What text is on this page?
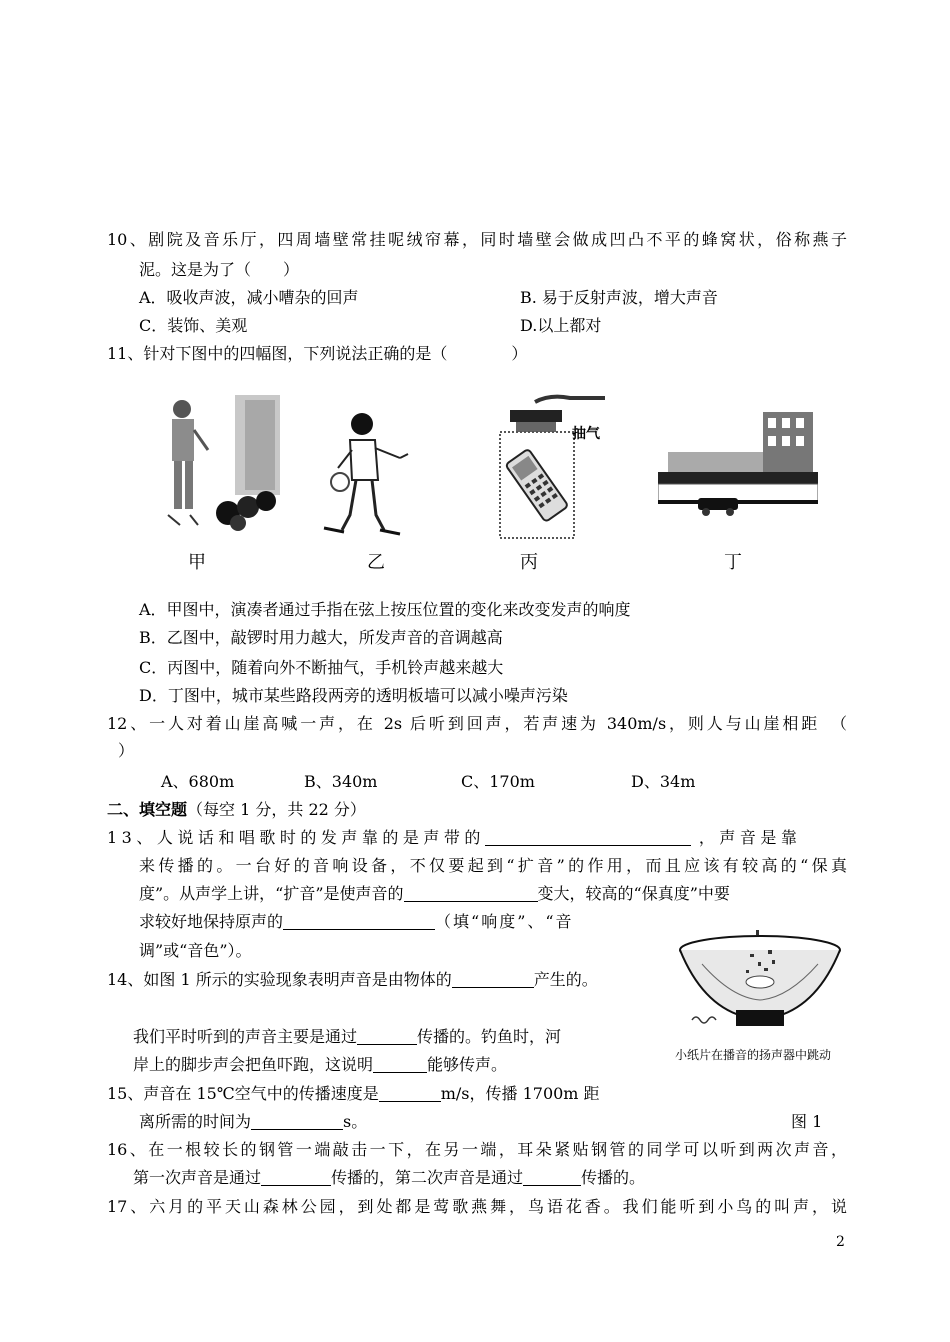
10、剧院及音乐厅，四周墙壁常挂呢绒帘幕，同时墙壁会做成凹凸不平的蜂窝状，俗称燕子
泥。这是为了（　　）
A．吸收声波，减小嘈杂的回声	B. 易于反射声波，增大声音
C．装饰、美观	D.以上都对
11、针对下图中的四幅图，下列说法正确的是（　　　　）
甲	乙
抽气
丙	丁
A．甲图中，演凑者通过手指在弦上按压位置的变化来改变发声的响度
B．乙图中，敲锣时用力越大，所发声音的音调越高
C．丙图中，随着向外不断抽气，手机铃声越来越大
D．丁图中，城市某些路段两旁的透明板墙可以减小噪声污染
12、一人对着山崖高喊一声，在 2s 后听到回声，若声速为 340m/s，则人与山崖相距　（
）
A、680m	B、340m	C、170m	D、34m
二、填空题（每空 1 分，共 22 分）
13、人说话和唱歌时的发声靠的是声带的	，声音是靠
来传播的。一台好的音响设备，不仅要起到“扩音”的作用，而且应该有较高的“保真
度”。从声学上讲，“扩音”是使声音的	变大，较高的“保真度”中要
求较好地保持原声的	（填“响度”、“音
调”或“音色”）。
14、如图 1 所示的实验现象表明声音是由物体的	产生的。
小纸片在播音的扬声器中跳动
我们平时听到的声音主要是通过	传播的。钓鱼时，河
岸上的脚步声会把鱼吓跑，这说明	能够传声。
15、声音在 15℃空气中的传播速度是	m/s，传播 1700m 距
离所需的时间为	s。	图 1
16、在一根较长的钢管一端敲击一下，在另一端，耳朵紧贴钢管的同学可以听到两次声音，
第一次声音是通过	传播的，第二次声音是通过	传播的。
17、六月的平天山森林公园，到处都是莺歌燕舞，鸟语花香。我们能听到小鸟的叫声，说
2
